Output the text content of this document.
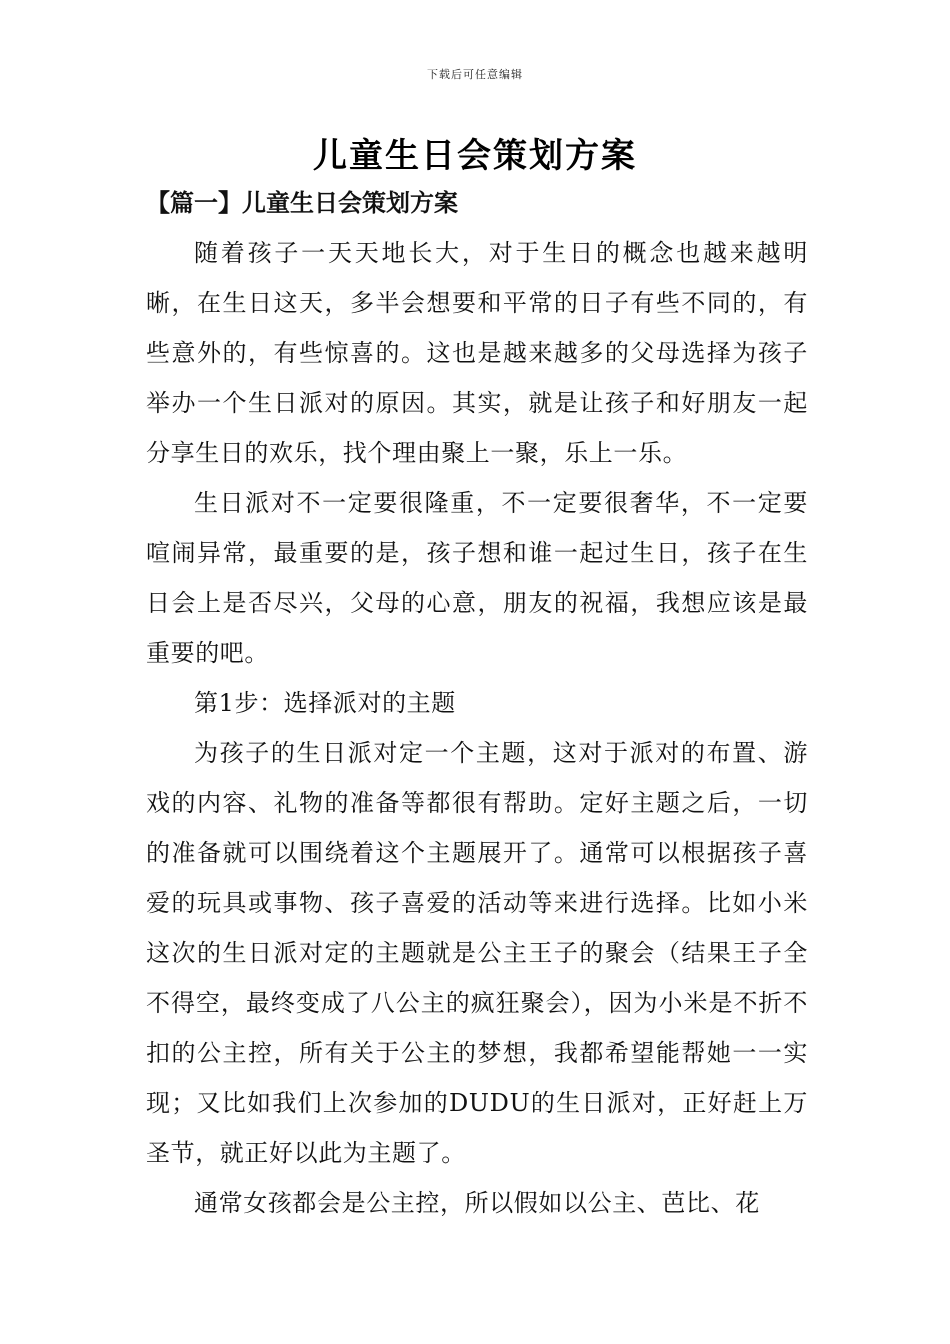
下载后可任意编辑
儿童生日会策划方案
【篇一】儿童生日会策划方案

随着孩子一天天地长大，对于生日的概念也越来越明晰，在生日这天，多半会想要和平常的日子有些不同的，有些意外的，有些惊喜的。这也是越来越多的父母选择为孩子举办一个生日派对的原因。其实，就是让孩子和好朋友一起分享生日的欢乐，找个理由聚上一聚，乐上一乐。

生日派对不一定要很隆重，不一定要很奢华，不一定要喧闹异常，最重要的是，孩子想和谁一起过生日，孩子在生日会上是否尽兴，父母的心意，朋友的祝福，我想应该是最重要的吧。

第1步：选择派对的主题

为孩子的生日派对定一个主题，这对于派对的布置、游戏的内容、礼物的准备等都很有帮助。定好主题之后，一切的准备就可以围绕着这个主题展开了。通常可以根据孩子喜爱的玩具或事物、孩子喜爱的活动等来进行选择。比如小米这次的生日派对定的主题就是公主王子的聚会（结果王子全不得空，最终变成了八公主的疯狂聚会），因为小米是不折不扣的公主控，所有关于公主的梦想，我都希望能帮她一一实现；又比如我们上次参加的DUDU的生日派对，正好赶上万圣节，就正好以此为主题了。

通常女孩都会是公主控，所以假如以公主、芭比、花
